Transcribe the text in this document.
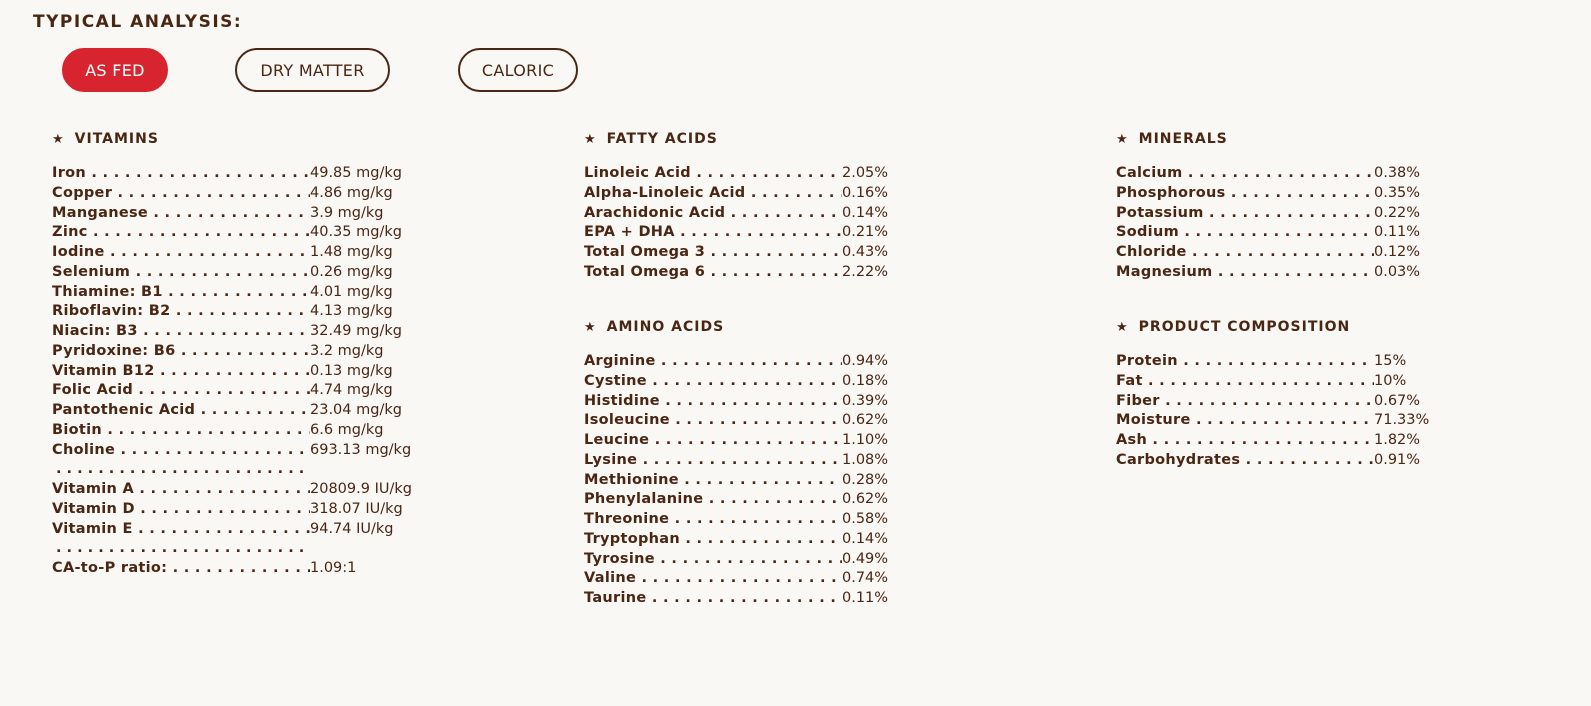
TYPICAL ANALYSIS:
AS FED	DRY MATTER	CALORIC
★ VITAMINS
Iron . . .	49.85 mg/kg
Copper . . .	4.86 mg/kg
Manganese . . .	3.9 mg/kg
Zinc . . .	40.35 mg/kg
Iodine . . .	1.48 mg/kg
Selenium . . .	0.26 mg/kg
Thiamine: B1 . . .	4.01 mg/kg
Riboflavin: B2 . . .	4.13 mg/kg
Niacin: B3 . . .	32.49 mg/kg
Pyridoxine: B6 . . .	3.2 mg/kg
Vitamin B12 . . .	0.13 mg/kg
Folic Acid . . .	4.74 mg/kg
Pantothenic Acid . . .	23.04 mg/kg
Biotin . . .	6.6 mg/kg
Choline . . .	693.13 mg/kg
. . .
Vitamin A . . .	20809.9 IU/kg
Vitamin D . . .	318.07 IU/kg
Vitamin E . . .	94.74 IU/kg
. . .
CA-to-P ratio: . . .	1.09:1
★ FATTY ACIDS
Linoleic Acid . . .	2.05%
Alpha-Linoleic Acid . . .	0.16%
Arachidonic Acid . . .	0.14%
EPA + DHA . . .	0.21%
Total Omega 3 . . .	0.43%
Total Omega 6 . . .	2.22%
★ AMINO ACIDS
Arginine . . .	0.94%
Cystine . . .	0.18%
Histidine . . .	0.39%
Isoleucine . . .	0.62%
Leucine . . .	1.10%
Lysine . . .	1.08%
Methionine . . .	0.28%
Phenylalanine . . .	0.62%
Threonine . . .	0.58%
Tryptophan . . .	0.14%
Tyrosine . . .	0.49%
Valine . . .	0.74%
Taurine . . .	0.11%
★ MINERALS
Calcium . . .	0.38%
Phosphorous . . .	0.35%
Potassium . . .	0.22%
Sodium . . .	0.11%
Chloride . . .	0.12%
Magnesium . . .	0.03%
★ PRODUCT COMPOSITION
Protein . . .	15%
Fat . . .	10%
Fiber . . .	0.67%
Moisture . . .	71.33%
Ash . . .	1.82%
Carbohydrates . . .	0.91%
